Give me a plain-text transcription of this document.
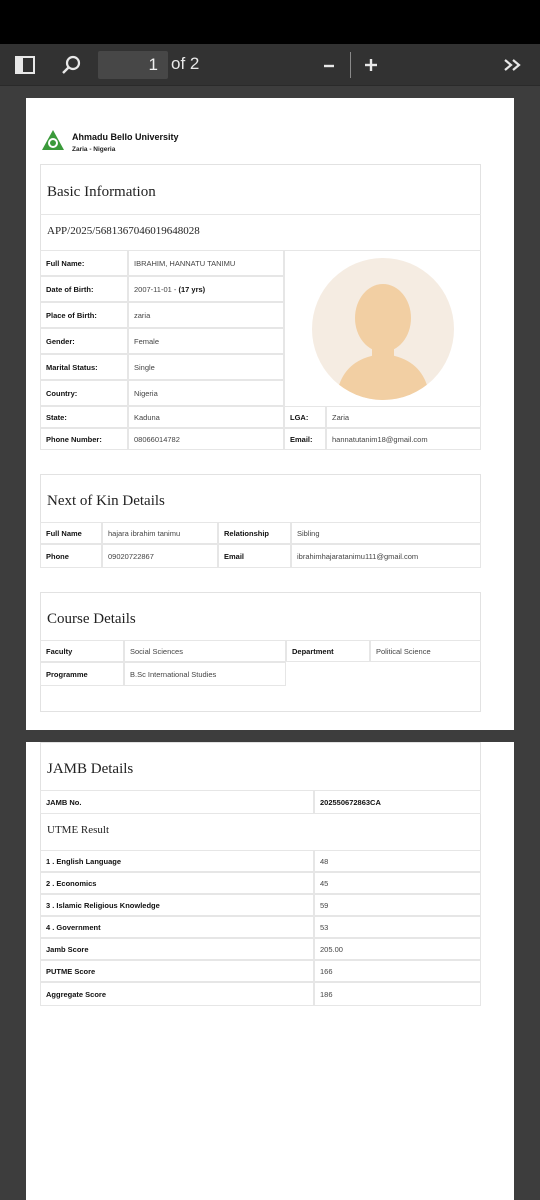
1 of 2
Ahmadu Bello University
Zaria - Nigeria
Basic Information
APP/2025/5681367046019648028
Full Name:	IBRAHIM, HANNATU TANIMU
Date of Birth:	2007-11-01 -
(17 yrs)
Place of Birth:	zaria
Gender:	Female
Marital Status:	Single
Country:	Nigeria
State:	Kaduna	LGA:	Zaria
Phone Number:	08066014782	Email:	hannatutanim18@gmail.com
Next of Kin Details
Full Name	hajara ibrahim tanimu	Relationship	Sibling
Phone	09020722867	Email	ibrahimhajaratanimu111@gmail.com
Course Details
Faculty	Social Sciences	Department	Political Science
Programme	B.Sc International Studies
JAMB Details
JAMB No.	202550672863CA
UTME Result
1 . English Language	48
2 . Economics	45
3 . Islamic Religious Knowledge	59
4 . Government	53
Jamb Score	205.00
PUTME Score	166
Aggregate Score	186
